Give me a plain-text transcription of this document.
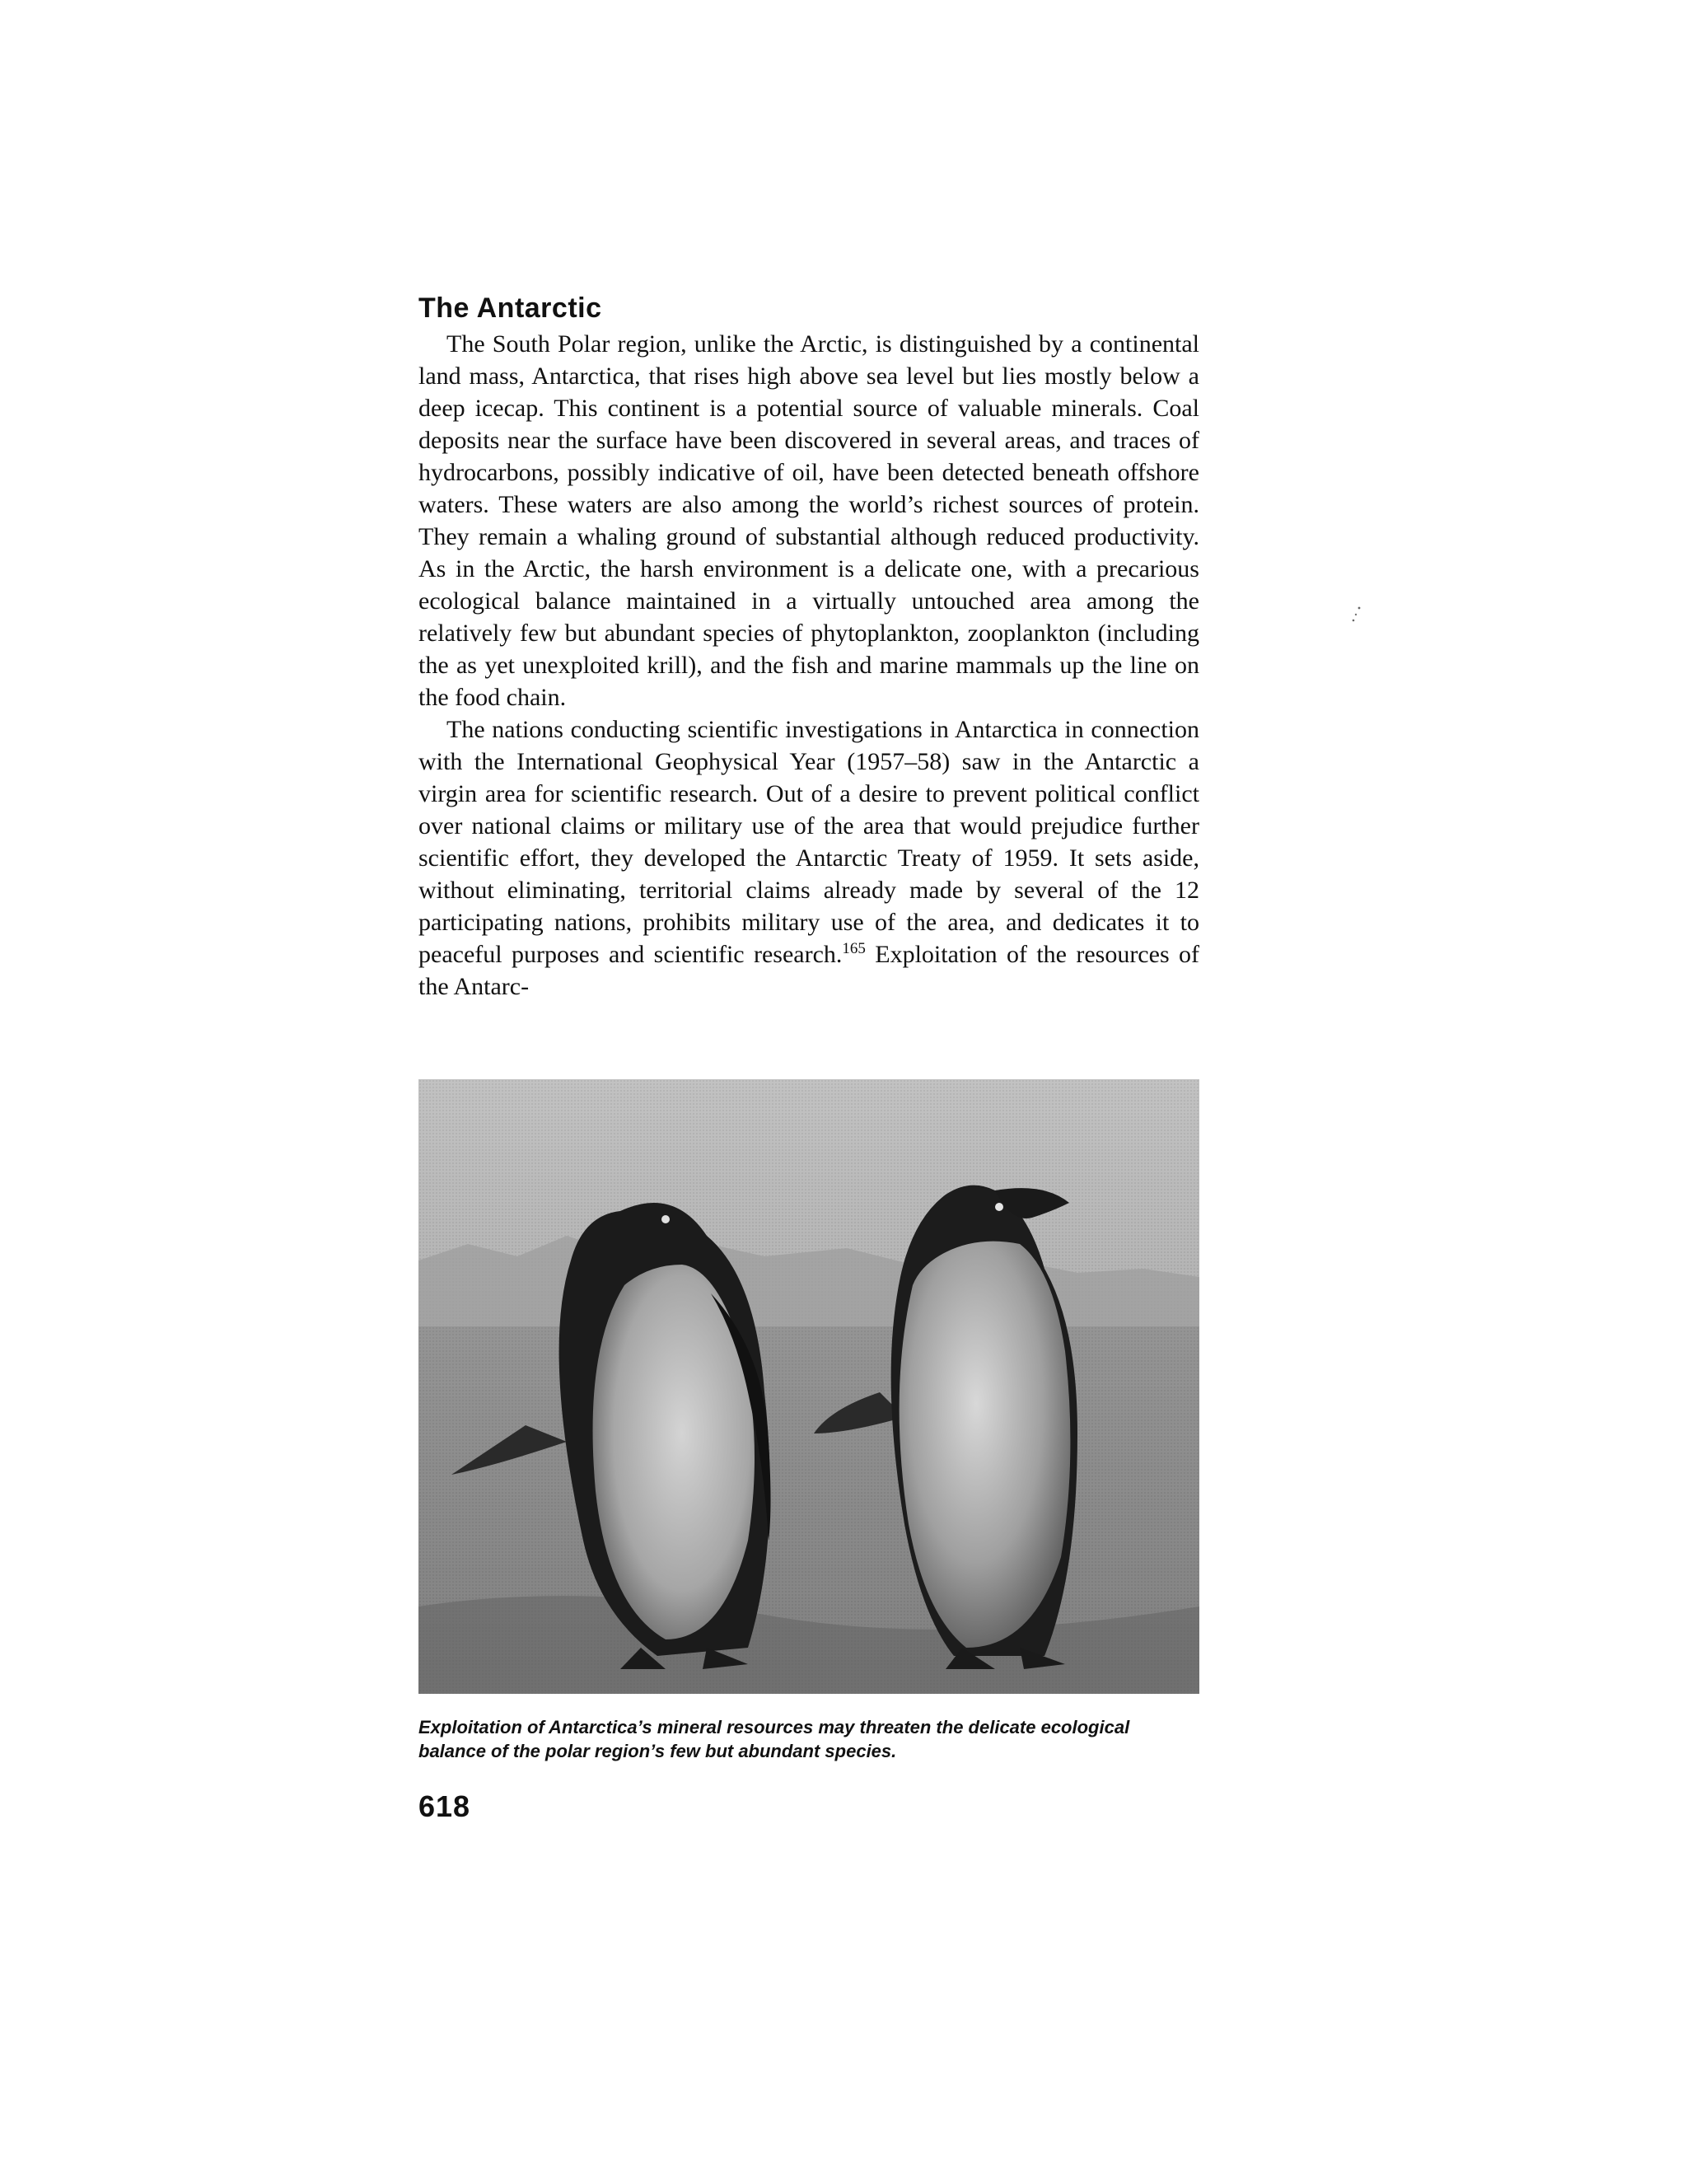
The Antarctic

The South Polar region, unlike the Arctic, is distinguished by a continental land mass, Antarctica, that rises high above sea level but lies mostly below a deep icecap. This continent is a potential source of valuable minerals. Coal deposits near the surface have been discovered in several areas, and traces of hydrocarbons, possibly indicative of oil, have been detected beneath offshore waters. These waters are also among the world’s richest sources of protein. They remain a whaling ground of substantial although reduced productivity. As in the Arctic, the harsh environment is a delicate one, with a precarious ecological balance maintained in a virtually untouched area among the relatively few but abundant species of phytoplankton, zooplankton (including the as yet unexploited krill), and the fish and marine mammals up the line on the food chain.

The nations conducting scientific investigations in Antarctica in connection with the International Geophysical Year (1957–58) saw in the Antarctic a virgin area for scientific research. Out of a desire to prevent political conflict over national claims or military use of the area that would prejudice further scientific effort, they developed the Antarctic Treaty of 1959. It sets aside, without eliminating, territorial claims already made by several of the 12 participating nations, prohibits military use of the area, and dedicates it to peaceful purposes and scientific research.$^{165}$ Exploitation of the resources of the Antarc-

Exploitation of Antarctica’s mineral resources may threaten the delicate ecological balance of the polar region’s few but abundant species.
618
